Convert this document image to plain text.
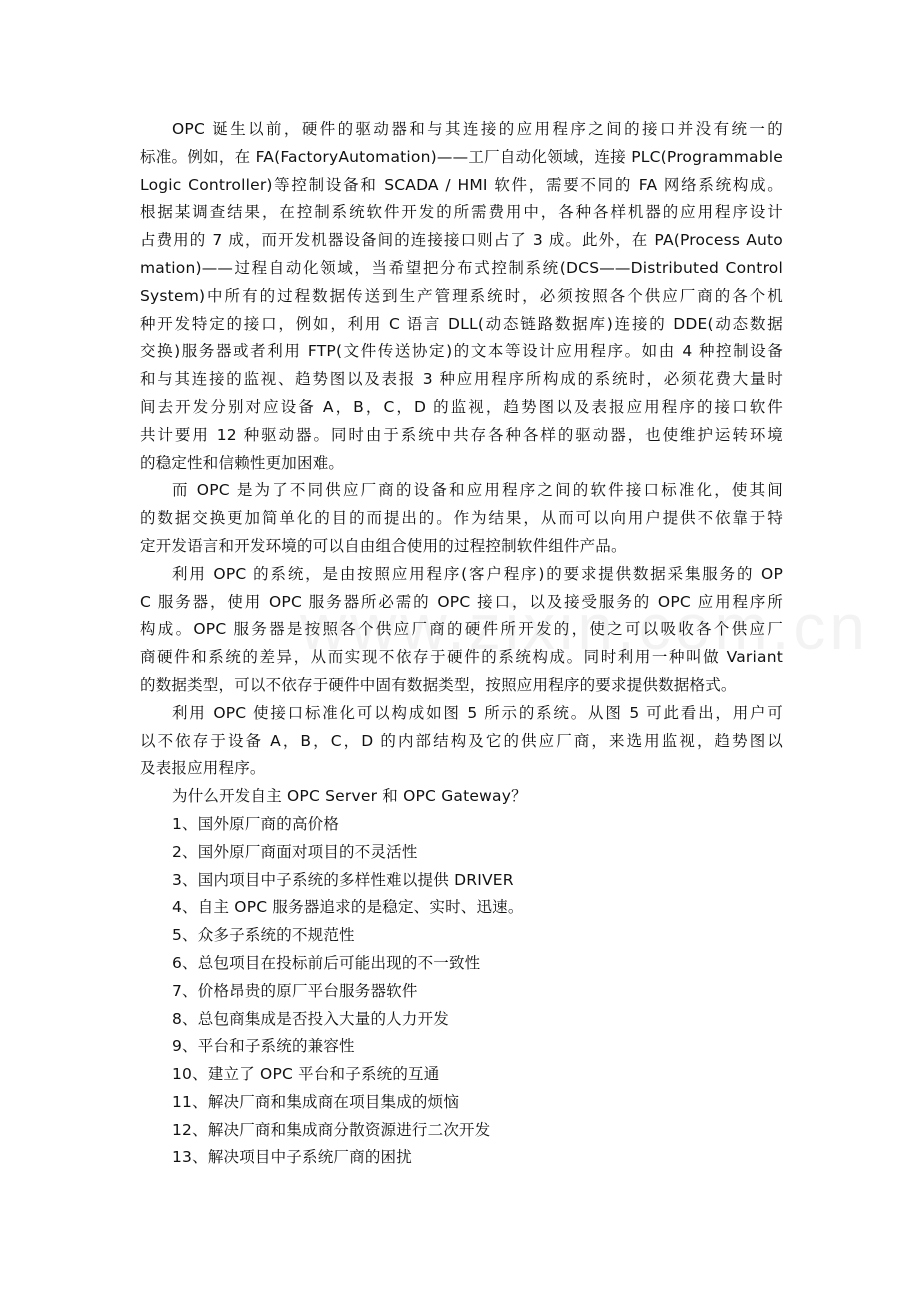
OPC 诞生以前，硬件的驱动器和与其连接的应用程序之间的接口并没有统一的
标准。例如，在 FA(FactoryAutomation)——工厂自动化领域，连接 PLC(Programmable
Logic Controller)等控制设备和 SCADA / HMI 软件，需要不同的 FA 网络系统构成。
根据某调查结果，在控制系统软件开发的所需费用中，各种各样机器的应用程序设计
占费用的 7 成，而开发机器设备间的连接接口则占了 3 成。此外，在 PA(Process Auto
mation)——过程自动化领域，当希望把分布式控制系统(DCS——Distributed Control
System)中所有的过程数据传送到生产管理系统时，必须按照各个供应厂商的各个机
种开发特定的接口，例如，利用 C 语言 DLL(动态链路数据库)连接的 DDE(动态数据
交换)服务器或者利用 FTP(文件传送协定)的文本等设计应用程序。如由 4 种控制设备
和与其连接的监视、趋势图以及表报 3 种应用程序所构成的系统时，必须花费大量时
间去开发分别对应设备 A，B，C，D 的监视，趋势图以及表报应用程序的接口软件
共计要用 12 种驱动器。同时由于系统中共存各种各样的驱动器，也使维护运转环境
的稳定性和信赖性更加困难。
而 OPC 是为了不同供应厂商的设备和应用程序之间的软件接口标准化，使其间
的数据交换更加简单化的目的而提出的。作为结果，从而可以向用户提供不依靠于特
定开发语言和开发环境的可以自由组合使用的过程控制软件组件产品。
利用 OPC 的系统，是由按照应用程序(客户程序)的要求提供数据采集服务的 OP
C 服务器，使用 OPC 服务器所必需的 OPC 接口，以及接受服务的 OPC 应用程序所
构成。OPC 服务器是按照各个供应厂商的硬件所开发的，使之可以吸收各个供应厂
商硬件和系统的差异，从而实现不依存于硬件的系统构成。同时利用一种叫做 Variant
的数据类型，可以不依存于硬件中固有数据类型，按照应用程序的要求提供数据格式。
利用 OPC 使接口标准化可以构成如图 5 所示的系统。从图 5 可此看出，用户可
以不依存于设备 A，B，C，D 的内部结构及它的供应厂商，来选用监视，趋势图以
及表报应用程序。
为什么开发自主 OPC Server 和 OPC Gateway？
1、国外原厂商的高价格
2、国外原厂商面对项目的不灵活性
3、国内项目中子系统的多样性难以提供 DRIVER
4、自主 OPC 服务器追求的是稳定、实时、迅速。
5、众多子系统的不规范性
6、总包项目在投标前后可能出现的不一致性
7、价格昂贵的原厂平台服务器软件
8、总包商集成是否投入大量的人力开发
9、平台和子系统的兼容性
10、建立了 OPC 平台和子系统的互通
11、解决厂商和集成商在项目集成的烦恼
12、解决厂商和集成商分散资源进行二次开发
13、解决项目中子系统厂商的困扰
